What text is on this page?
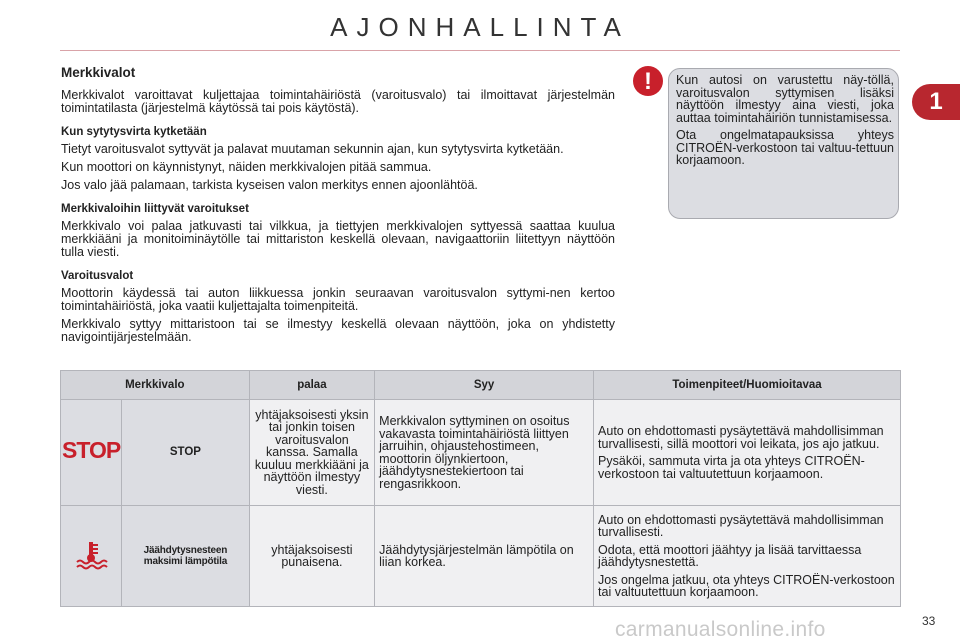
AJONHALLINTA
1
Merkkivalot

Merkkivalot varoittavat kuljettajaa toimintahäiriöstä (varoitusvalo) tai ilmoittavat järjestelmän toimintatilasta (järjestelmä käytössä tai pois käytöstä).

Kun sytytysvirta kytketään

Tietyt varoitusvalot syttyvät ja palavat muutaman sekunnin ajan, kun sytytysvirta kytketään.

Kun moottori on käynnistynyt, näiden merkkivalojen pitää sammua.

Jos valo jää palamaan, tarkista kyseisen valon merkitys ennen ajoonlähtöä.

Merkkivaloihin liittyvät varoitukset

Merkkivalo voi palaa jatkuvasti tai vilkkua, ja tiettyjen merkkivalojen syttyessä saattaa kuulua merkkiääni ja monitoiminäytölle tai mittariston keskellä olevaan, navigaattoriin liitettyyn näyttöön tulla viesti.

Varoitusvalot

Moottorin käydessä tai auton liikkuessa jonkin seuraavan varoitusvalon syttymi-nen kertoo toimintahäiriöstä, joka vaatii kuljettajalta toimenpiteitä.

Merkkivalo syttyy mittaristoon tai se ilmestyy keskellä olevaan näyttöön, joka on yhdistetty navigointijärjestelmään.

!	Kun autosi on varustettu näy-töllä, varoitusvalon syttymisen lisäksi näyttöön ilmestyy aina viesti, joka auttaa toimintahäiriön tunnistamisessa.

Ota ongelmatapauksissa yhteys CITROËN-verkostoon tai valtuu-tettuun korjaamoon.

Merkkivalo		palaa	Syy	Toimenpiteet/Huomioitavaa
STOP	STOP	yhtäjaksoisesti yksin tai jonkin toisen varoitusvalon kanssa. Samalla kuuluu merkkiääni ja näyttöön ilmestyy viesti.	Merkkivalon syttyminen on osoitus vakavasta toimintahäiriöstä liittyen jarruihin, ohjaustehostimeen, moottorin öljynkiertoon, jäähdytysnestekiertoon tai rengasrikkoon.	Auto on ehdottomasti pysäytettävä mahdollisimman turvallisesti, sillä moottori voi leikata, jos ajo jatkuu.

Pysäköi, sammuta virta ja ota yhteys CITROËN-verkostoon tai valtuutettuun korjaamoon.

	Jäähdytysnesteen maksimi lämpötila	yhtäjaksoisesti punaisena.	Jäähdytysjärjestelmän lämpötila on liian korkea.	Auto on ehdottomasti pysäytettävä mahdollisimman turvallisesti.

Odota, että moottori jäähtyy ja lisää tarvittaessa jäähdytysnestettä.

Jos ongelma jatkuu, ota yhteys CITROËN-verkostoon tai valtuutettuun korjaamoon.

carmanualsonline.info	33
